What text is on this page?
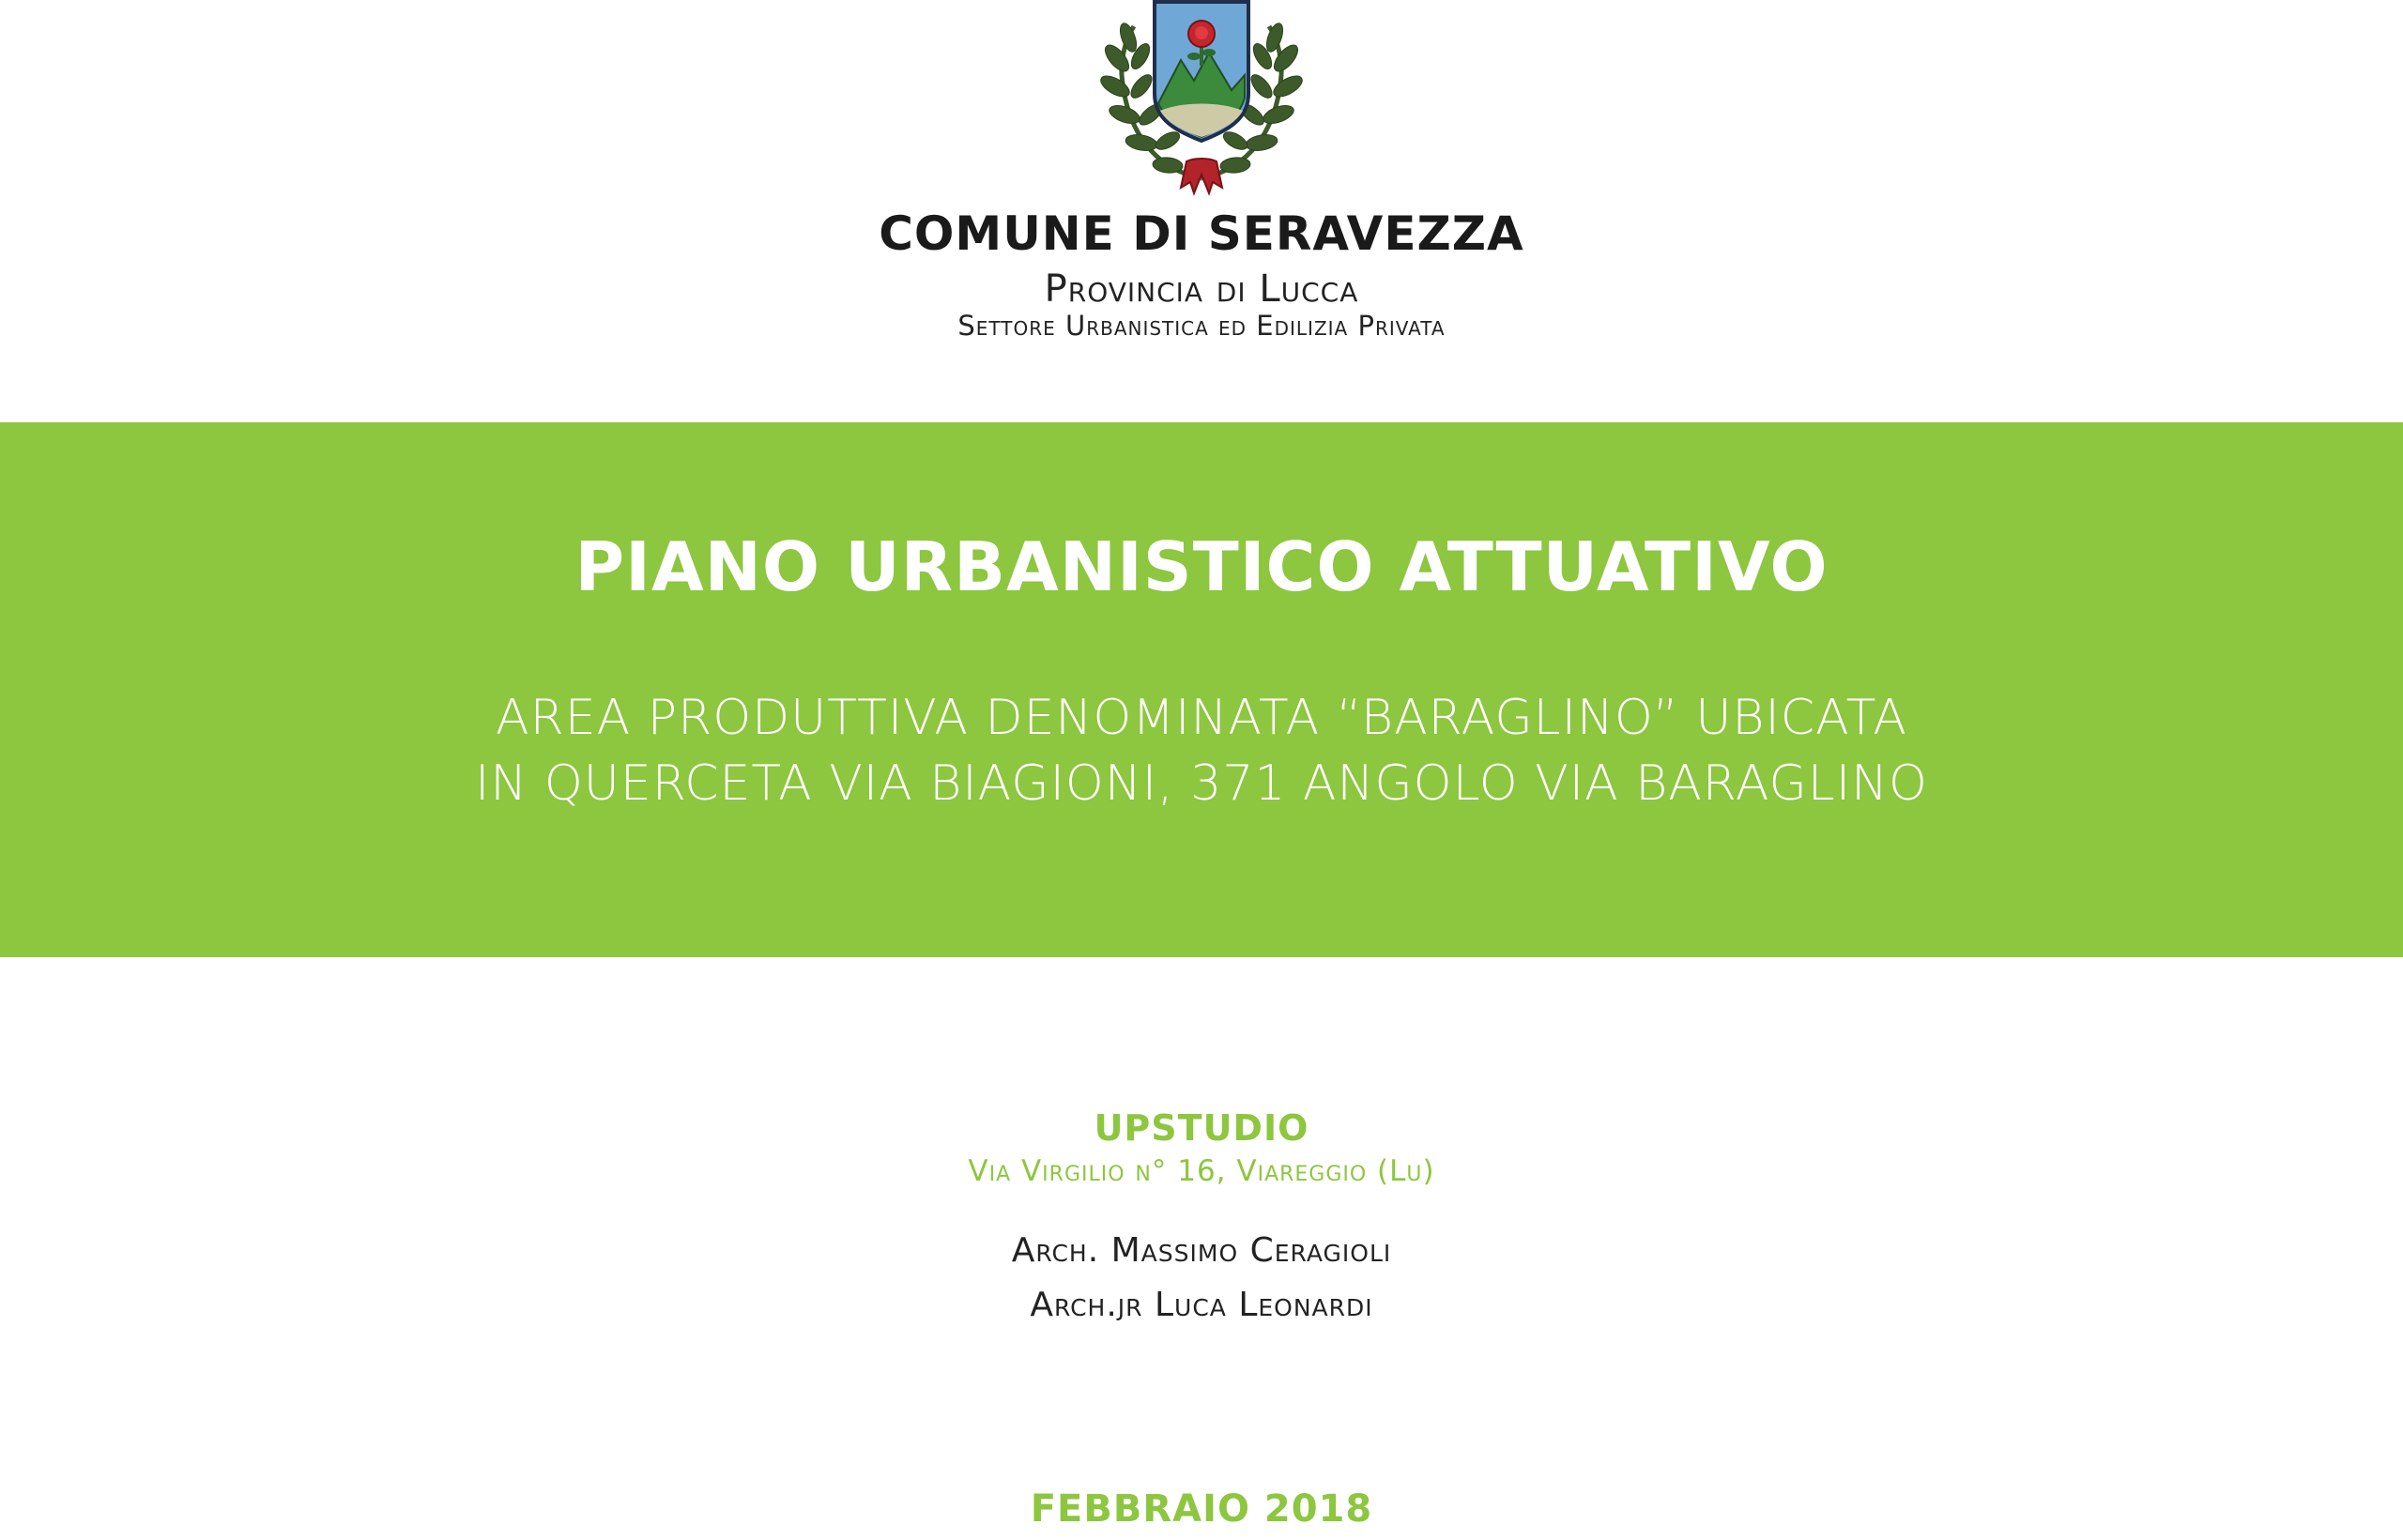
COMUNE DI SERAVEZZA
Provincia di Lucca
Settore Urbanistica ed Edilizia Privata
PIANO URBANISTICO ATTUATIVO
AREA PRODUTTIVA DENOMINATA “BARAGLINO” UBICATA
IN QUERCETA VIA BIAGIONI, 371 ANGOLO VIA BARAGLINO
UPSTUDIO
Via Virgilio n° 16, Viareggio (Lu)
Arch. Massimo Ceragioli
Arch.jr Luca Leonardi
FEBBRAIO 2018
